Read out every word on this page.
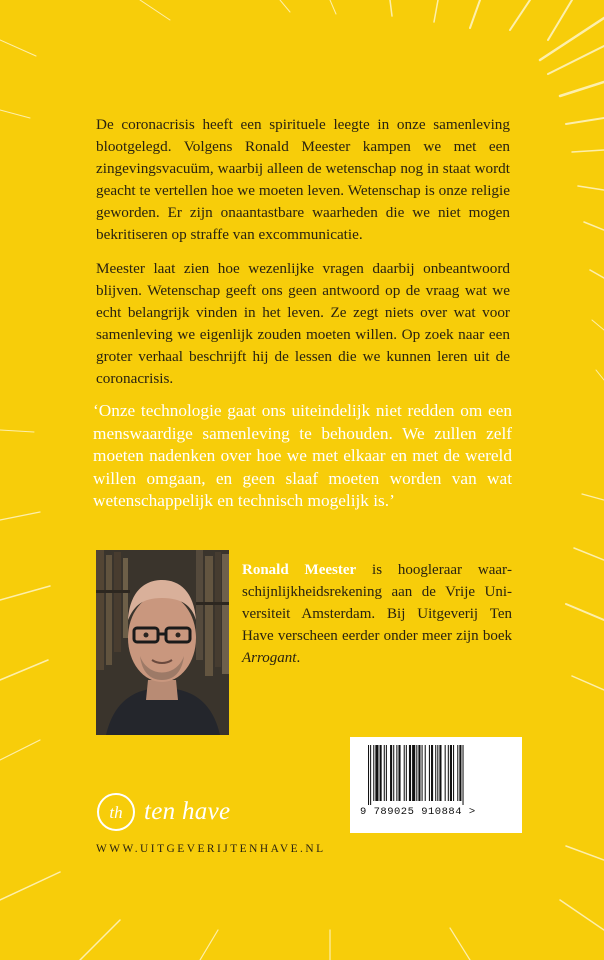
De coronacrisis heeft een spirituele leegte in onze samenleving blootgelegd. Volgens Ronald Meester kampen we met een zingevingsvacuüm, waarbij alleen de wetenschap nog in staat wordt geacht te vertellen hoe we moeten leven. Wetenschap is onze religie geworden. Er zijn onaantastbare waarheden die we niet mogen bekritiseren op straffe van excommunicatie.

Meester laat zien hoe wezenlijke vragen daarbij onbeantwoord blijven. Wetenschap geeft ons geen antwoord op de vraag wat we echt belangrijk vinden in het leven. Ze zegt niets over wat voor samenleving we eigenlijk zouden moeten willen. Op zoek naar een groter verhaal beschrijft hij de lessen die we kunnen leren uit de coronacrisis.

‘Onze technologie gaat ons uiteindelijk niet redden om een menswaardige samenleving te behouden. We zullen zelf moeten nadenken over hoe we met elkaar en met de wereld willen omgaan, en geen slaaf moeten worden van wat wetenschappelijk en technisch mogelijk is.’

Ronald Meester is hoogleraar waarschijnlijkheidsrekening aan de Vrije Universiteit Amsterdam. Bij Uitgeverij Ten Have verscheen eerder onder meer zijn boek Arrogant.

9 789025 910884 >
th ten have
WWW.UITGEVERIJTENHAVE.NL
